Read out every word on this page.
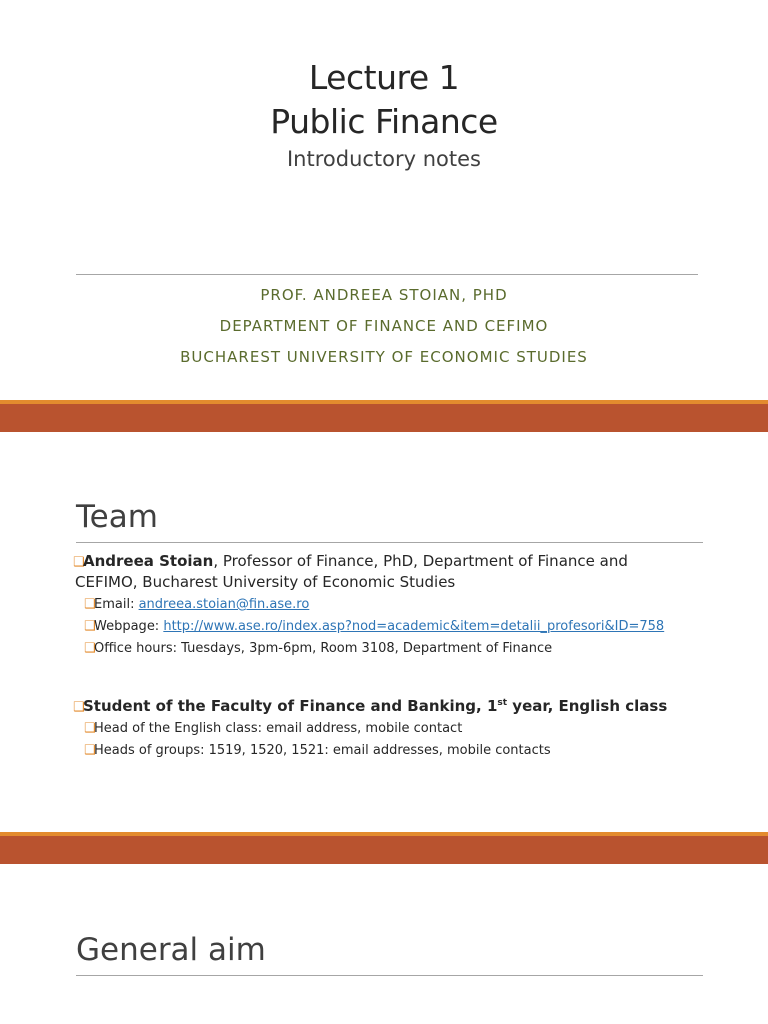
Lecture 1
Public Finance
Introductory notes
PROF. ANDREEA STOIAN, PHD
DEPARTMENT OF FINANCE AND CEFIMO
BUCHAREST UNIVERSITY OF ECONOMIC STUDIES
Team
❑Andreea Stoian, Professor of Finance, PhD, Department of Finance and
CEFIMO, Bucharest University of Economic Studies
❑Email: andreea.stoian@fin.ase.ro
❑Webpage: http://www.ase.ro/index.asp?nod=academic&item=detalii_profesori&ID=758
❑Office hours: Tuesdays, 3pm-6pm, Room 3108, Department of Finance
❑Student of the Faculty of Finance and Banking, 1st year, English class
❑Head of the English class: email address, mobile contact
❑Heads of groups: 1519, 1520, 1521: email addresses, mobile contacts
General aim
